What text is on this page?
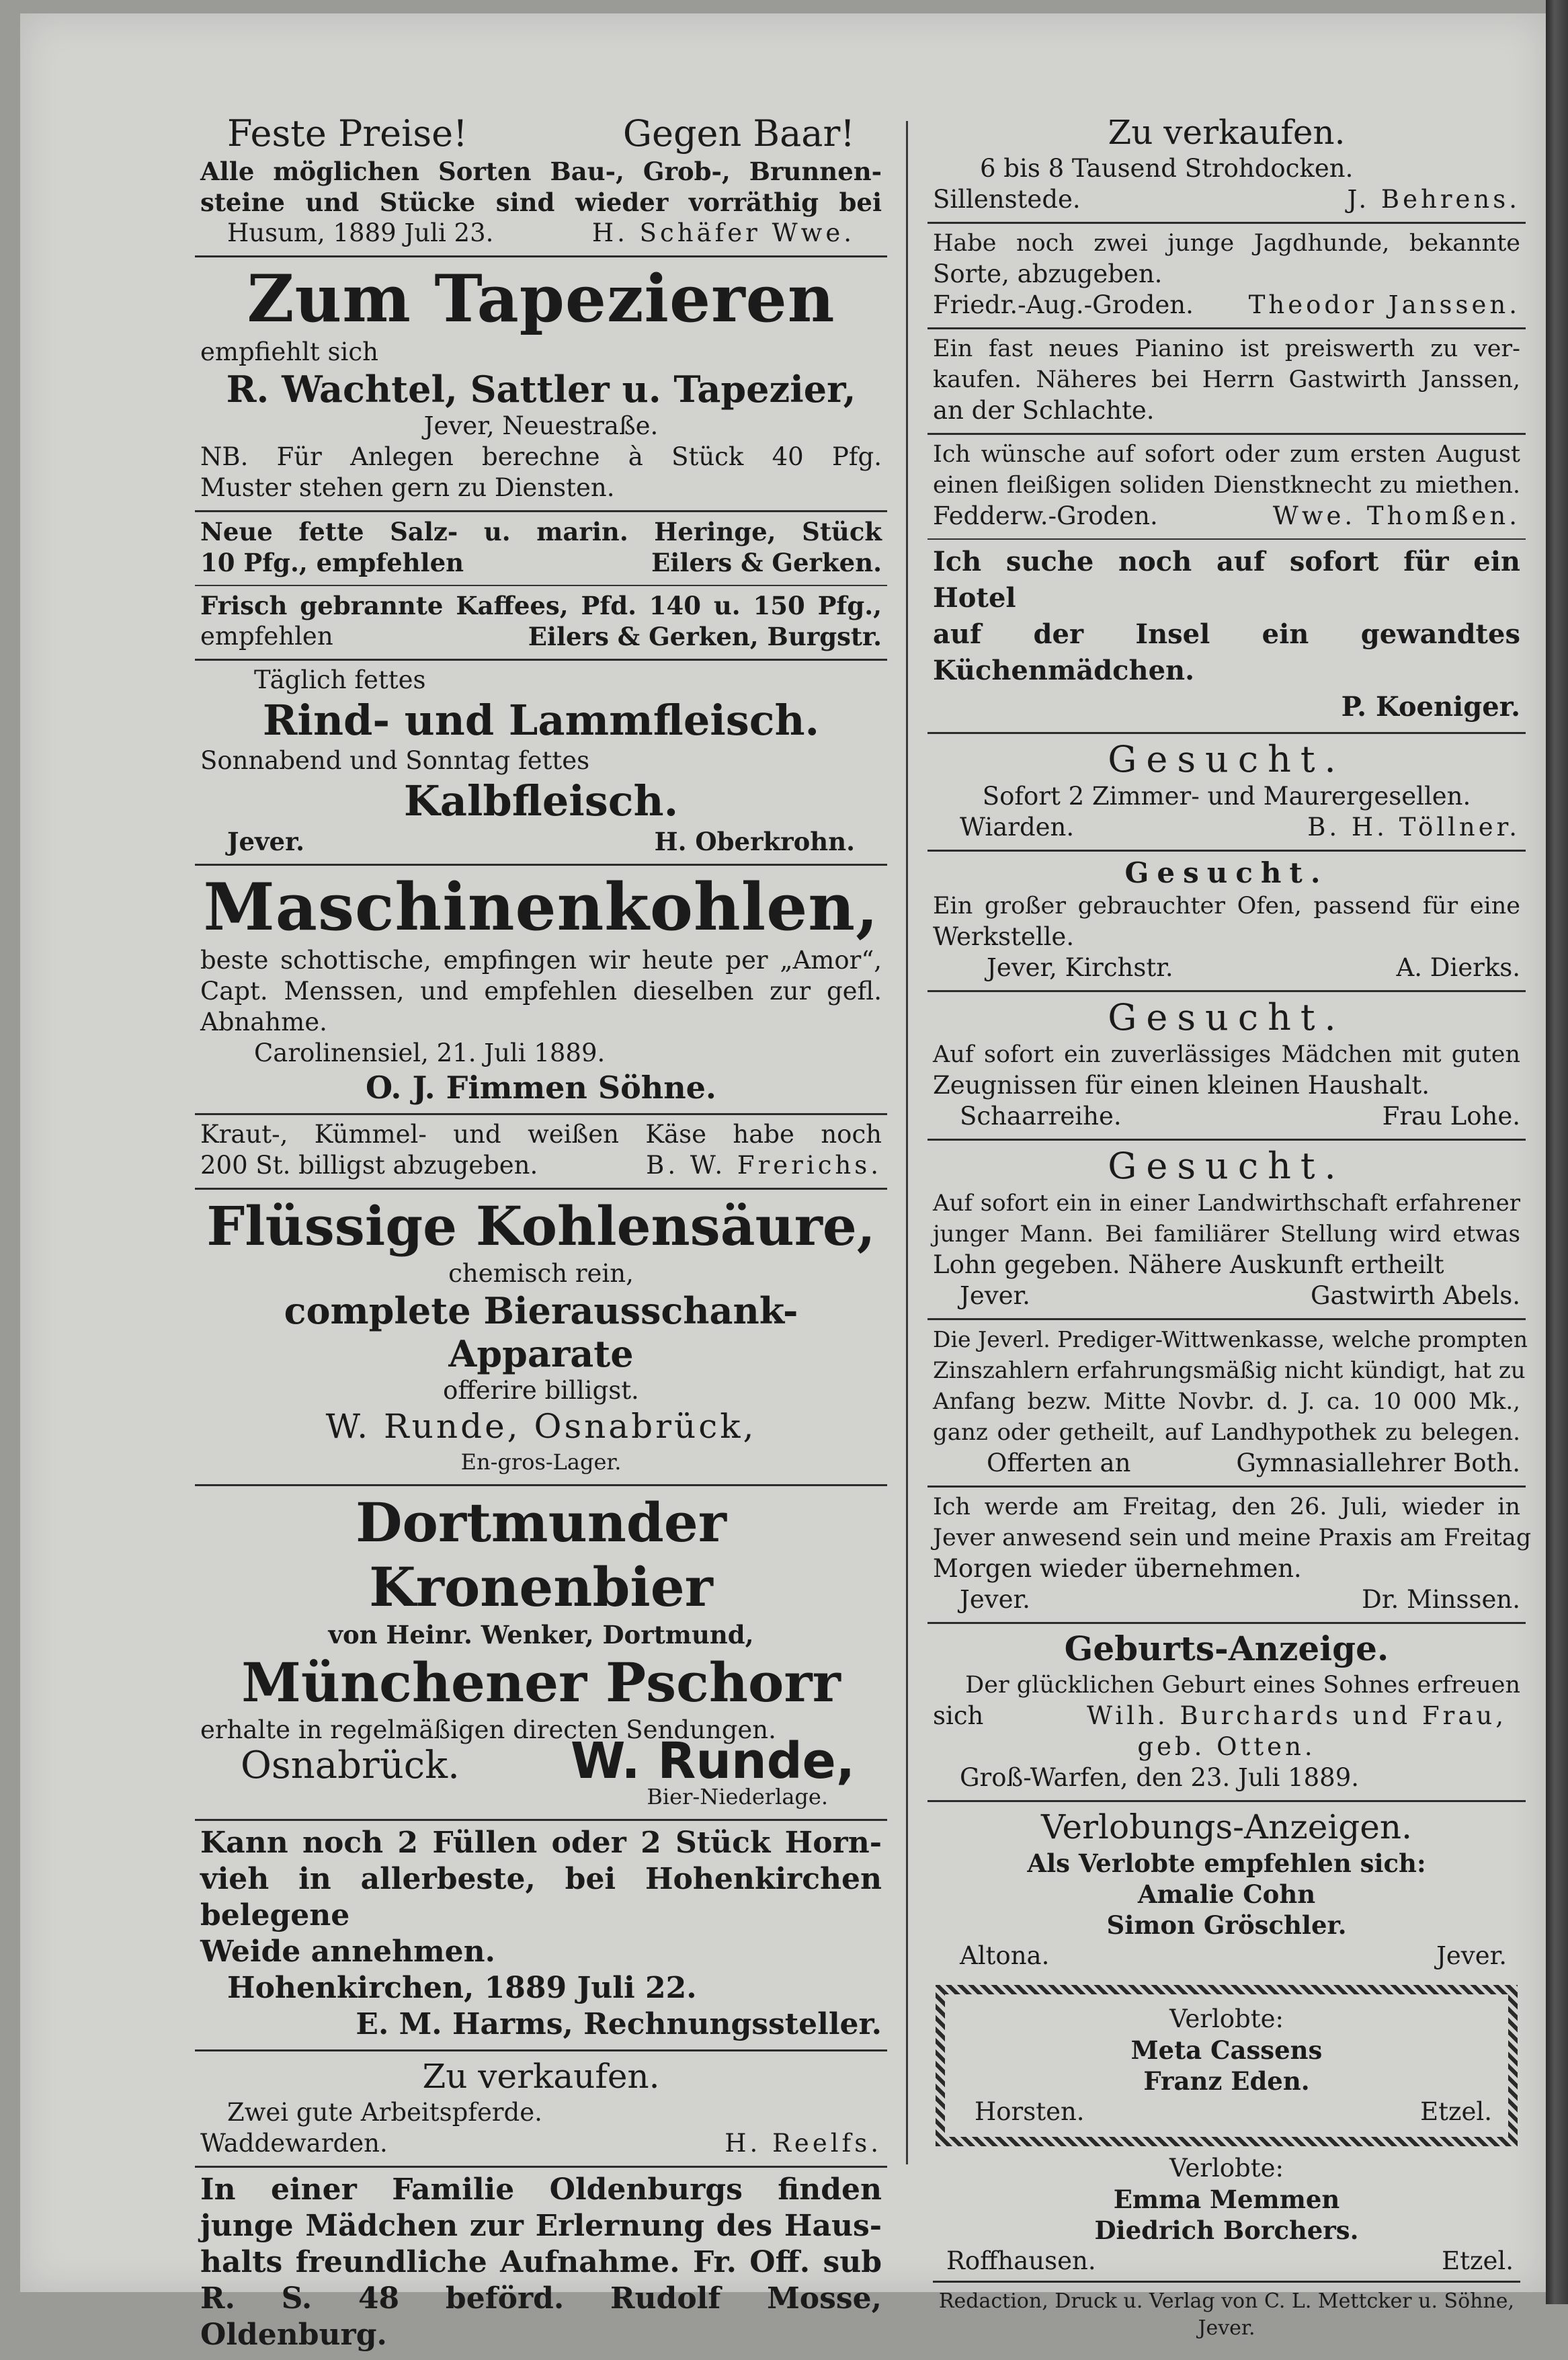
Feste Preise!	Gegen Baar!

Alle möglichen Sorten Bau-, Grob-, Brunnen-

steine und Stücke sind wieder vorräthig bei

Husum, 1889 Juli 23.	H. Schäfer Wwe.

Zum Tapezieren

empfiehlt sich

R. Wachtel, Sattler u. Tapezier,

Jever, Neuestraße.

NB. Für Anlegen berechne à Stück 40 Pfg.

Muster stehen gern zu Diensten.

Neue fette Salz- u. marin. Heringe, Stück

10 Pfg., empfehlen	Eilers & Gerken.

Frisch gebrannte Kaffees, Pfd. 140 u. 150 Pfg.,

empfehlen	Eilers & Gerken, Burgstr.

Täglich fettes

Rind- und Lammfleisch.

Sonnabend und Sonntag fettes

Kalbfleisch.

Jever.	H. Oberkrohn.

Maschinenkohlen,

beste schottische, empfingen wir heute per „Amor“,

Capt. Menssen, und empfehlen dieselben zur gefl.

Abnahme.

Carolinensiel, 21. Juli 1889.

O. J. Fimmen Söhne.

Kraut-, Kümmel- und weißen Käse habe noch

200 St. billigst abzugeben.	B. W. Frerichs.

Flüssige Kohlensäure,

chemisch rein,

complete Bierausschank-Apparate

offerire billigst.

W. Runde, Osnabrück,

En-gros-Lager.

Dortmunder Kronenbier

von Heinr. Wenker, Dortmund,

Münchener Pschorr

erhalte in regelmäßigen directen Sendungen.

Osnabrück. W. Runde,

Bier-Niederlage.

Kann noch 2 Füllen oder 2 Stück Horn-

vieh in allerbeste, bei Hohenkirchen belegene

Weide annehmen.

Hohenkirchen, 1889 Juli 22.

E. M. Harms, Rechnungssteller.

Zu verkaufen.

Zwei gute Arbeitspferde.

Waddewarden.	H. Reelfs.

In einer Familie Oldenburgs finden

junge Mädchen zur Erlernung des Haus-

halts freundliche Aufnahme. Fr. Off. sub

R. S. 48 beförd. Rudolf Mosse, Oldenburg.

Zu verkaufen.

6 bis 8 Tausend Strohdocken.

Sillenstede.	J. Behrens.

Habe noch zwei junge Jagdhunde, bekannte

Sorte, abzugeben.

Friedr.-Aug.-Groden. Theodor Janssen.

Ein fast neues Pianino ist preiswerth zu ver-

kaufen. Näheres bei Herrn Gastwirth Janssen,

an der Schlachte.

Ich wünsche auf sofort oder zum ersten August

einen fleißigen soliden Dienstknecht zu miethen.

Fedderw.-Groden.	Wwe. Thomßen.

Ich suche noch auf sofort für ein Hotel

auf der Insel ein gewandtes Küchenmädchen.

P. Koeniger.

Gesucht.

Sofort 2 Zimmer- und Maurergesellen.

Wiarden.	B. H. Töllner.

Gesucht.

Ein großer gebrauchter Ofen, passend für eine

Werkstelle.

Jever, Kirchstr.	A. Dierks.

Gesucht.

Auf sofort ein zuverlässiges Mädchen mit guten

Zeugnissen für einen kleinen Haushalt.

Schaarreihe.	Frau Lohe.

Gesucht.

Auf sofort ein in einer Landwirthschaft erfahrener

junger Mann. Bei familiärer Stellung wird etwas

Lohn gegeben. Nähere Auskunft ertheilt

Jever.	Gastwirth Abels.

Die Jeverl. Prediger-Wittwenkasse, welche prompten

Zinszahlern erfahrungsmäßig nicht kündigt, hat zu

Anfang bezw. Mitte Novbr. d. J. ca. 10 000 Mk.,

ganz oder getheilt, auf Landhypothek zu belegen.

Offerten an	Gymnasiallehrer Both.

Ich werde am Freitag, den 26. Juli, wieder in

Jever anwesend sein und meine Praxis am Freitag

Morgen wieder übernehmen.

Jever.	Dr. Minssen.

Geburts-Anzeige.

Der glücklichen Geburt eines Sohnes erfreuen

sich	Wilh. Burchards und Frau,

geb. Otten.

Groß-Warfen, den 23. Juli 1889.

Verlobungs-Anzeigen.

Als Verlobte empfehlen sich:

Amalie Cohn

Simon Gröschler.

Altona.	Jever.

Verlobte:

Meta Cassens

Franz Eden.

Horsten.	Etzel.

Verlobte:

Emma Memmen

Diedrich Borchers.

Roffhausen.	Etzel.

Redaction, Druck u. Verlag von C. L. Mettcker u. Söhne, Jever.
